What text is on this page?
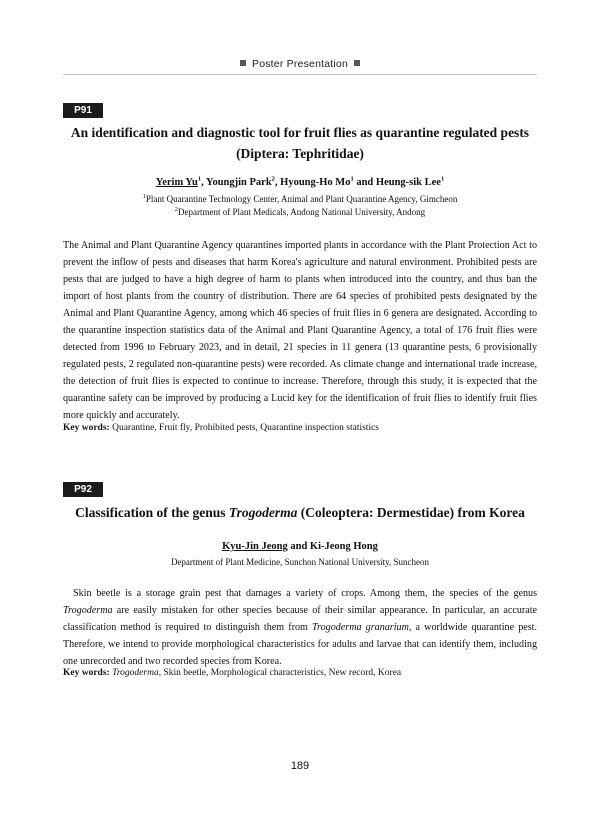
Poster Presentation
P91
An identification and diagnostic tool for fruit flies as quarantine regulated pests
(Diptera: Tephritidae)
Yerim Yu$^1$, Youngjin Park$^2$, Hyoung-Ho Mo$^1$ and Heung-sik Lee$^1$
$^1$Plant Quarantine Technology Center, Animal and Plant Quarantine Agency, Gimcheon
$^2$Department of Plant Medicals, Andong National University, Andong
The Animal and Plant Quarantine Agency quarantines imported plants in accordance with the Plant Protection Act to prevent the inflow of pests and diseases that harm Korea's agriculture and natural environment. Prohibited pests are pests that are judged to have a high degree of harm to plants when introduced into the country, and thus ban the import of host plants from the country of distribution. There are 64 species of prohibited pests designated by the Animal and Plant Quarantine Agency, among which 46 species of fruit flies in 6 genera are designated. According to the quarantine inspection statistics data of the Animal and Plant Quarantine Agency, a total of 176 fruit flies were detected from 1996 to February 2023, and in detail, 21 species in 11 genera (13 quarantine pests, 6 provisionally regulated pests, 2 regulated non-quarantine pests) were recorded. As climate change and international trade increase, the detection of fruit flies is expected to continue to increase. Therefore, through this study, it is expected that the quarantine safety can be improved by producing a Lucid key for the identification of fruit flies to identify fruit flies more quickly and accurately.
Key words: Quarantine, Fruit fly, Prohibited pests, Quarantine inspection statistics
P92
Classification of the genus Trogoderma (Coleoptera: Dermestidae) from Korea
Kyu-Jin Jeong and Ki-Jeong Hong
Department of Plant Medicine, Sunchon National University, Suncheon
Skin beetle is a storage grain pest that damages a variety of crops. Among them, the species of the genus Trogoderma are easily mistaken for other species because of their similar appearance. In particular, an accurate classification method is required to distinguish them from Trogoderma granarium, a worldwide quarantine pest. Therefore, we intend to provide morphological characteristics for adults and larvae that can identify them, including one unrecorded and two recorded species from Korea.
Key words: Trogoderma, Skin beetle, Morphological characteristics, New record, Korea
189
